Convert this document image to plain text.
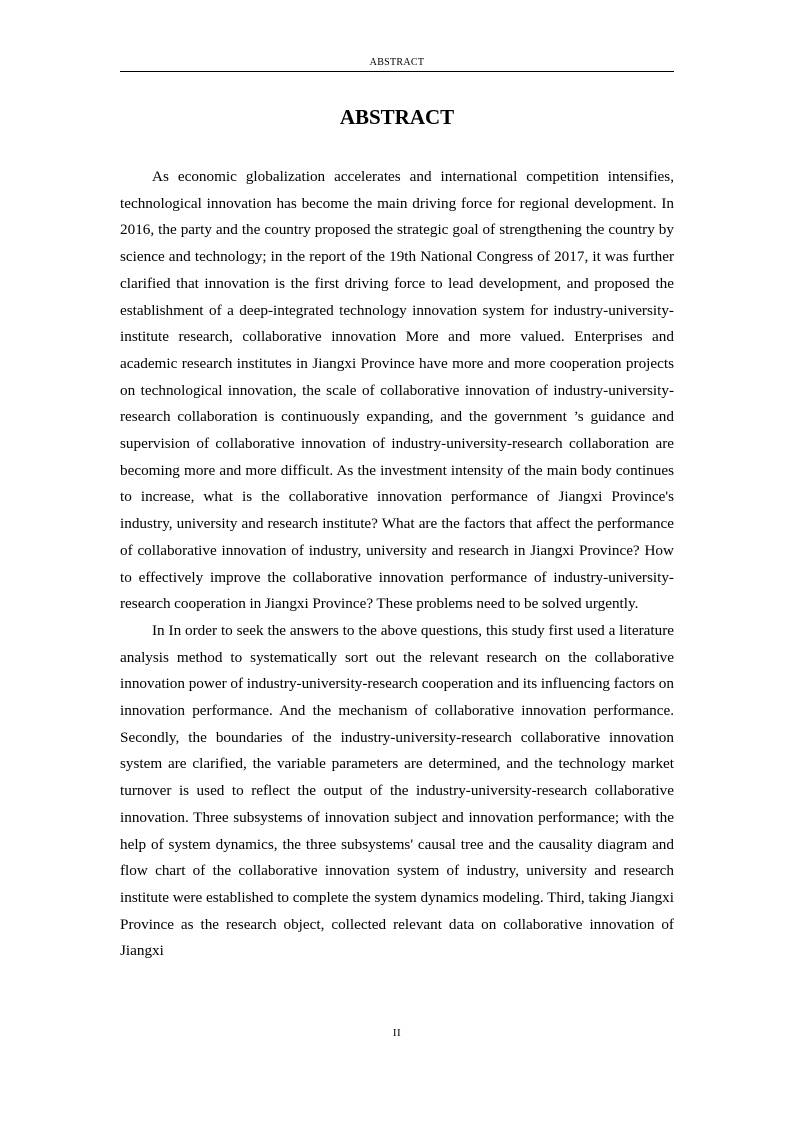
ABSTRACT
ABSTRACT

As economic globalization accelerates and international competition intensifies, technological innovation has become the main driving force for regional development. In 2016, the party and the country proposed the strategic goal of strengthening the country by science and technology; in the report of the 19th National Congress of 2017, it was further clarified that innovation is the first driving force to lead development, and proposed the establishment of a deep-integrated technology innovation system for industry-university-institute research, collaborative innovation More and more valued. Enterprises and academic research institutes in Jiangxi Province have more and more cooperation projects on technological innovation, the scale of collaborative innovation of industry-university-research collaboration is continuously expanding, and the government ’s guidance and supervision of collaborative innovation of industry-university-research collaboration are becoming more and more difficult. As the investment intensity of the main body continues to increase, what is the collaborative innovation performance of Jiangxi Province's industry, university and research institute? What are the factors that affect the performance of collaborative innovation of industry, university and research in Jiangxi Province? How to effectively improve the collaborative innovation performance of industry-university-research cooperation in Jiangxi Province? These problems need to be solved urgently.

In In order to seek the answers to the above questions, this study first used a literature analysis method to systematically sort out the relevant research on the collaborative innovation power of industry-university-research cooperation and its influencing factors on innovation performance. And the mechanism of collaborative innovation performance. Secondly, the boundaries of the industry-university-research collaborative innovation system are clarified, the variable parameters are determined, and the technology market turnover is used to reflect the output of the industry-university-research collaborative innovation. Three subsystems of innovation subject and innovation performance; with the help of system dynamics, the three subsystems' causal tree and the causality diagram and flow chart of the collaborative innovation system of industry, university and research institute were established to complete the system dynamics modeling. Third, taking Jiangxi Province as the research object, collected relevant data on collaborative innovation of Jiangxi

II
